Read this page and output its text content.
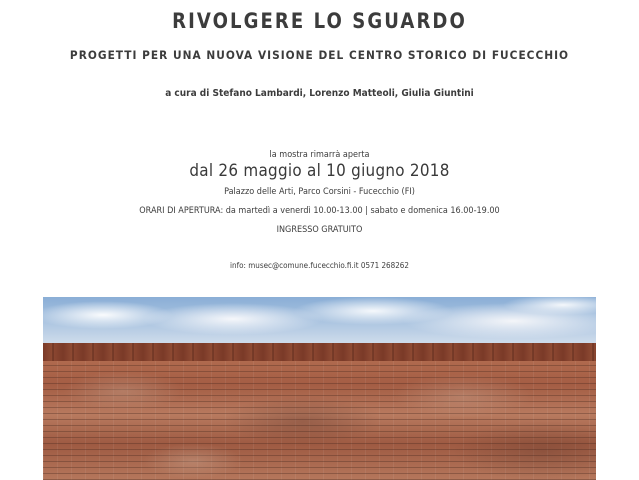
RIVOLGERE LO SGUARDO

PROGETTI PER UNA NUOVA VISIONE DEL CENTRO STORICO DI FUCECCHIO

a cura di Stefano Lambardi, Lorenzo Matteoli, Giulia Giuntini

la mostra rimarrà aperta

dal 26 maggio al 10 giugno 2018

Palazzo delle Arti, Parco Corsini - Fucecchio (FI)

ORARI DI APERTURA: da martedì a venerdì 10.00-13.00 | sabato e domenica 16.00-19.00

INGRESSO GRATUITO

info: musec@comune.fucecchio.fi.it 0571 268262
